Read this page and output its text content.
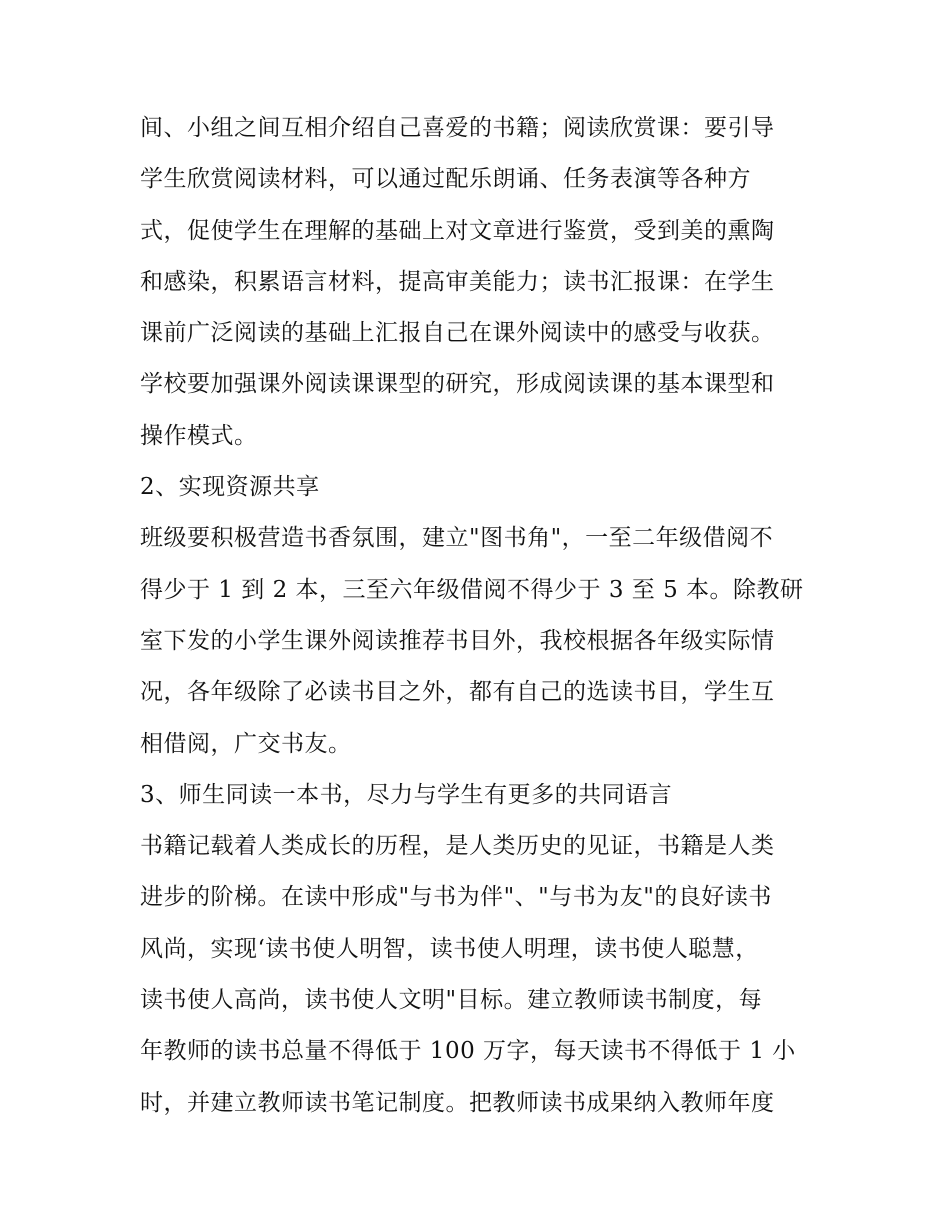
间、小组之间互相介绍自己喜爱的书籍；阅读欣赏课：要引导
学生欣赏阅读材料，可以通过配乐朗诵、任务表演等各种方
式，促使学生在理解的基础上对文章进行鉴赏，受到美的熏陶
和感染，积累语言材料，提高审美能力；读书汇报课：在学生
课前广泛阅读的基础上汇报自己在课外阅读中的感受与收获。
学校要加强课外阅读课课型的研究，形成阅读课的基本课型和
操作模式。
2、实现资源共享
班级要积极营造书香氛围，建立"图书角"，一至二年级借阅不
得少于 1 到 2 本，三至六年级借阅不得少于 3 至 5 本。除教研
室下发的小学生课外阅读推荐书目外，我校根据各年级实际情
况，各年级除了必读书目之外，都有自己的选读书目，学生互
相借阅，广交书友。
3、师生同读一本书，尽力与学生有更多的共同语言
书籍记载着人类成长的历程，是人类历史的见证，书籍是人类
进步的阶梯。在读中形成"与书为伴"、"与书为友"的良好读书
风尚，实现‘读书使人明智，读书使人明理，读书使人聪慧，
读书使人高尚，读书使人文明"目标。建立教师读书制度，每
年教师的读书总量不得低于 100 万字，每天读书不得低于 1 小
时，并建立教师读书笔记制度。把教师读书成果纳入教师年度
